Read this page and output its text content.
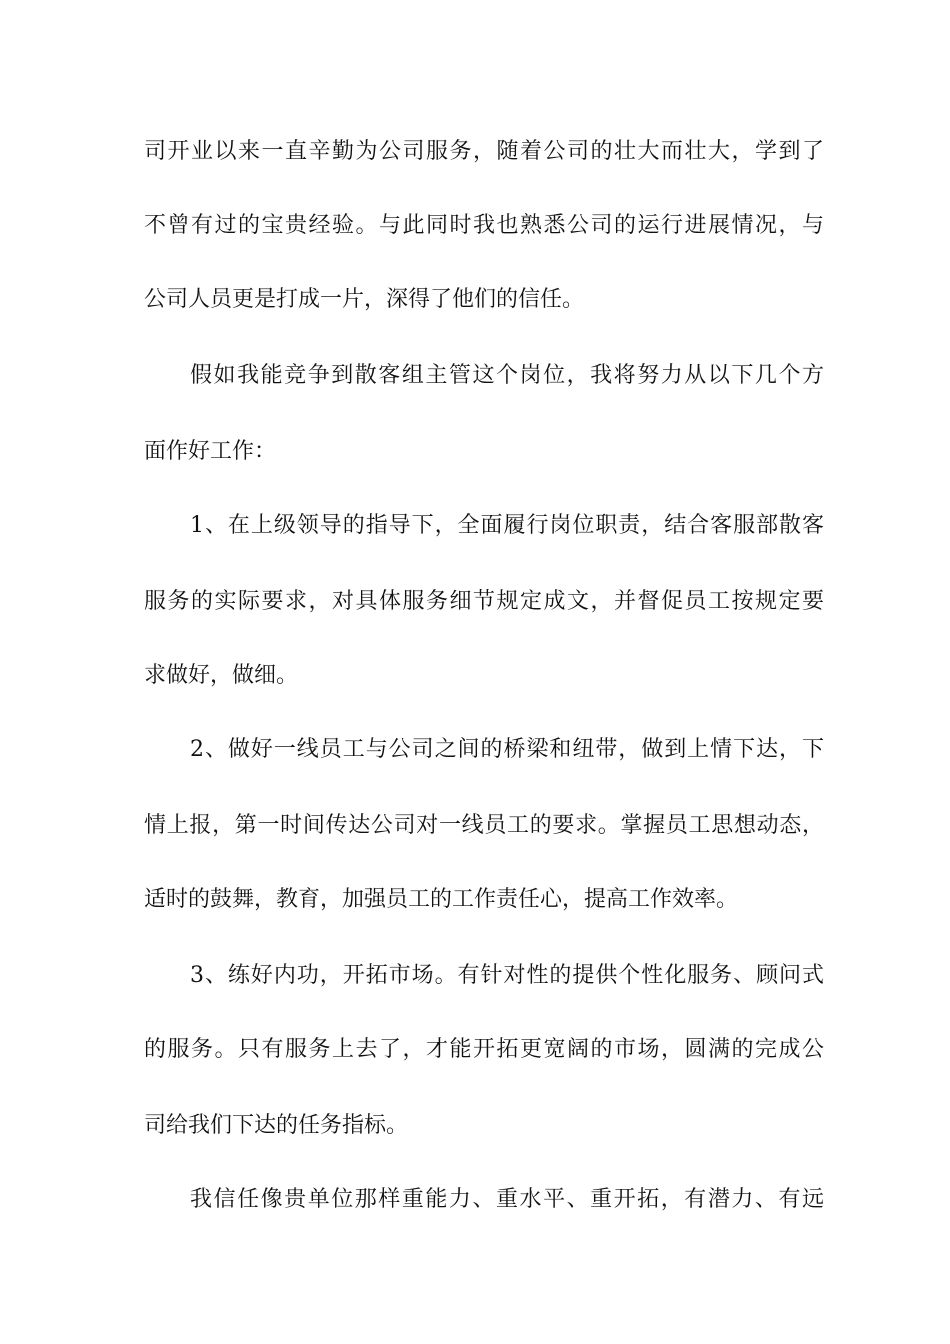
司开业以来一直辛勤为公司服务，随着公司的壮大而壮大，学到了
不曾有过的宝贵经验。与此同时我也熟悉公司的运行进展情况，与
公司人员更是打成一片，深得了他们的信任。
假如我能竞争到散客组主管这个岗位，我将努力从以下几个方
面作好工作：
1、在上级领导的指导下，全面履行岗位职责，结合客服部散客
服务的实际要求，对具体服务细节规定成文，并督促员工按规定要
求做好，做细。
2、做好一线员工与公司之间的桥梁和纽带，做到上情下达，下
情上报，第一时间传达公司对一线员工的要求。掌握员工思想动态，
适时的鼓舞，教育，加强员工的工作责任心，提高工作效率。
3、练好内功，开拓市场。有针对性的提供个性化服务、顾问式
的服务。只有服务上去了，才能开拓更宽阔的市场，圆满的完成公
司给我们下达的任务指标。
我信任像贵单位那样重能力、重水平、重开拓，有潜力、有远
